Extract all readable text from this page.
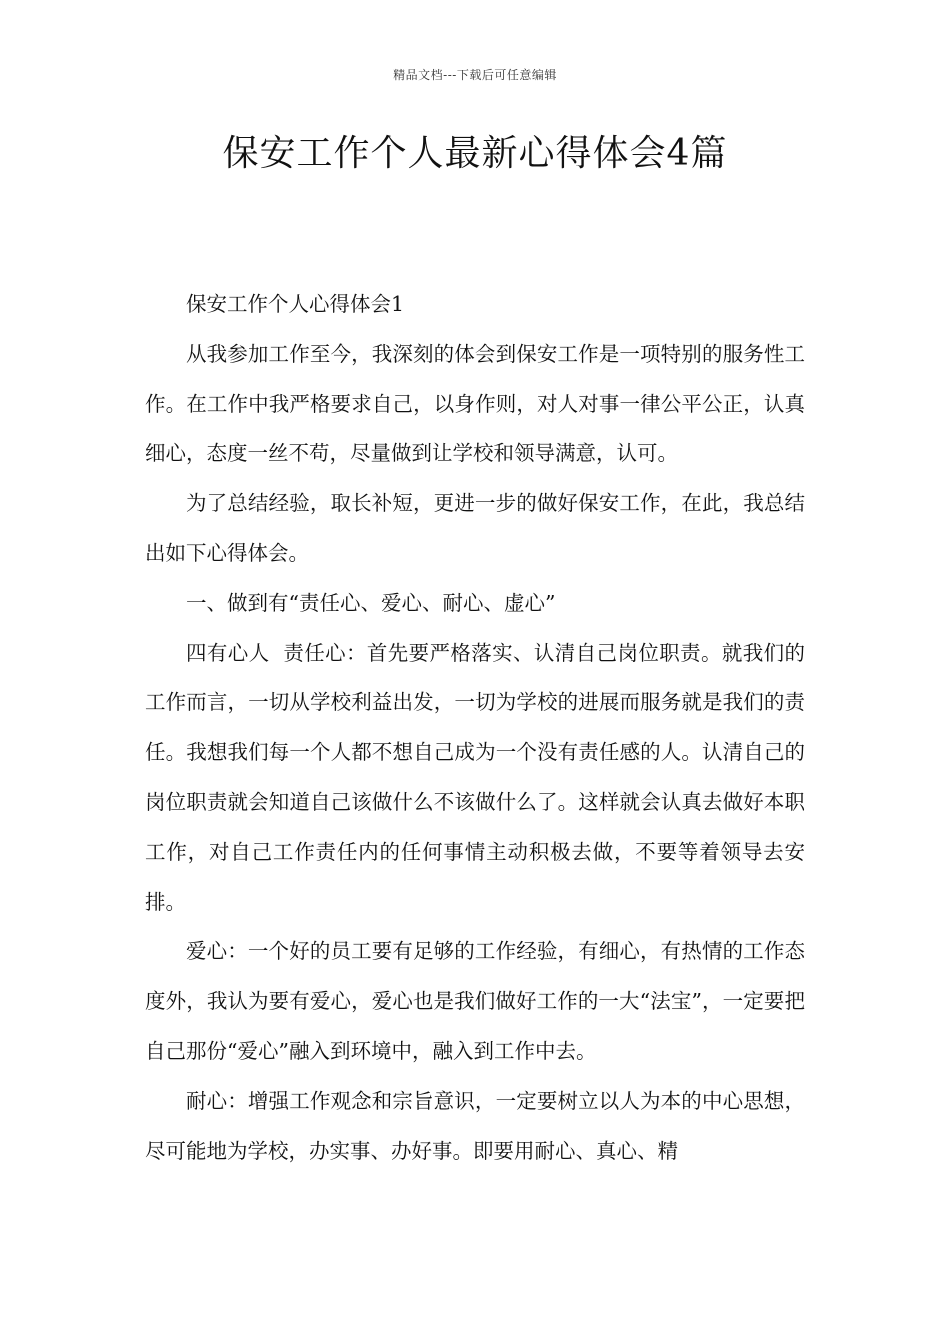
精品文档---下载后可任意编辑
保安工作个人最新心得体会4篇

保安工作个人心得体会1

从我参加工作至今，我深刻的体会到保安工作是一项特别的服务性工作。在工作中我严格要求自己，以身作则，对人对事一律公平公正，认真细心，态度一丝不苟，尽量做到让学校和领导满意，认可。

为了总结经验，取长补短，更进一步的做好保安工作，在此，我总结出如下心得体会。

一、做到有“责任心、爱心、耐心、虚心”

四有心人  责任心：首先要严格落实、认清自己岗位职责。就我们的工作而言，一切从学校利益出发，一切为学校的进展而服务就是我们的责任。我想我们每一个人都不想自己成为一个没有责任感的人。认清自己的岗位职责就会知道自己该做什么不该做什么了。这样就会认真去做好本职工作，对自己工作责任内的任何事情主动积极去做，不要等着领导去安排。

爱心：一个好的员工要有足够的工作经验，有细心，有热情的工作态度外，我认为要有爱心，爱心也是我们做好工作的一大“法宝”，一定要把自己那份“爱心”融入到环境中，融入到工作中去。

耐心：增强工作观念和宗旨意识，一定要树立以人为本的中心思想，尽可能地为学校，办实事、办好事。即要用耐心、真心、精
